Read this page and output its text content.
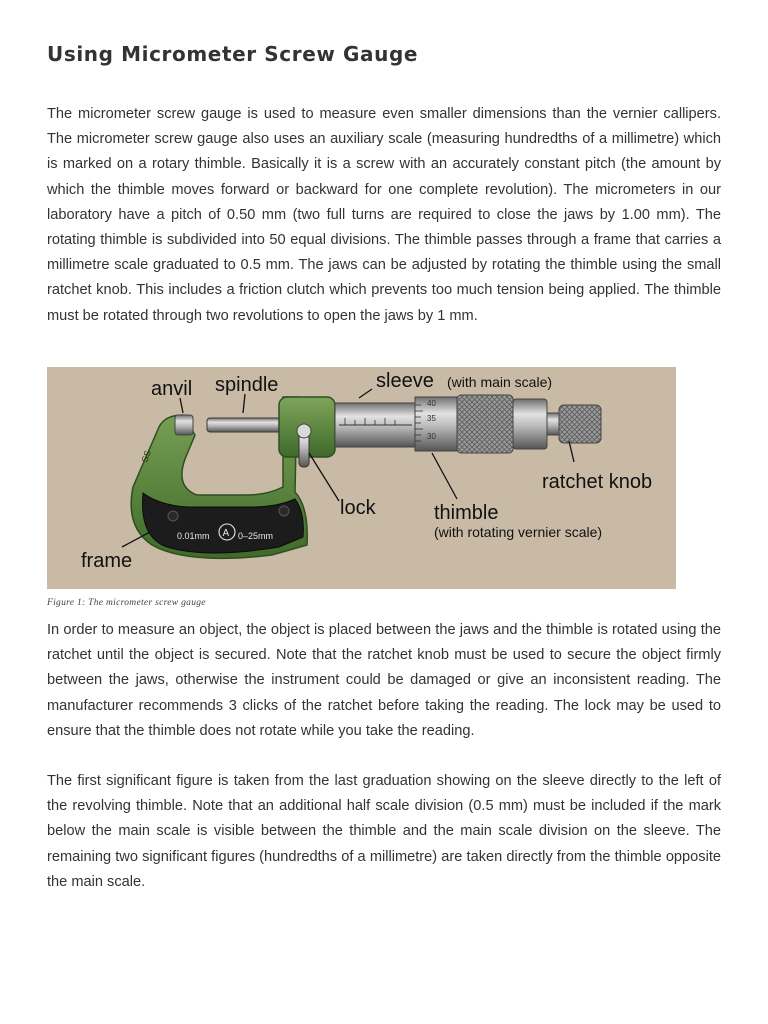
Using Micrometer Screw Gauge

The micrometer screw gauge is used to measure even smaller dimensions than the vernier callipers. The micrometer screw gauge also uses an auxiliary scale (measuring hundredths of a millimetre) which is marked on a rotary thimble. Basically it is a screw with an accurately constant pitch (the amount by which the thimble moves forward or backward for one complete revolution). The micrometers in our laboratory have a pitch of 0.50 mm (two full turns are required to close the jaws by 1.00 mm). The rotating thimble is subdivided into 50 equal divisions. The thimble passes through a frame that carries a millimetre scale graduated to 0.5 mm. The jaws can be adjusted by rotating the thimble using the small ratchet knob. This includes a friction clutch which prevents too much tension being applied. The thimble must be rotated through two revolutions to open the jaws by 1 mm.

0.01mm A 0–25mm
SS
40
35
30
anvil spindle	sleeve (with main scale)
ratchet knob
lock	thimble
(with rotating vernier scale)
frame

Figure 1: The micrometer screw gauge

In order to measure an object, the object is placed between the jaws and the thimble is rotated using the ratchet until the object is secured. Note that the ratchet knob must be used to secure the object firmly between the jaws, otherwise the instrument could be damaged or give an inconsistent reading. The manufacturer recommends 3 clicks of the ratchet before taking the reading. The lock may be used to ensure that the thimble does not rotate while you take the reading.

The first significant figure is taken from the last graduation showing on the sleeve directly to the left of the revolving thimble. Note that an additional half scale division (0.5 mm) must be included if the mark below the main scale is visible between the thimble and the main scale division on the sleeve. The remaining two significant figures (hundredths of a millimetre) are taken directly from the thimble opposite the main scale.
